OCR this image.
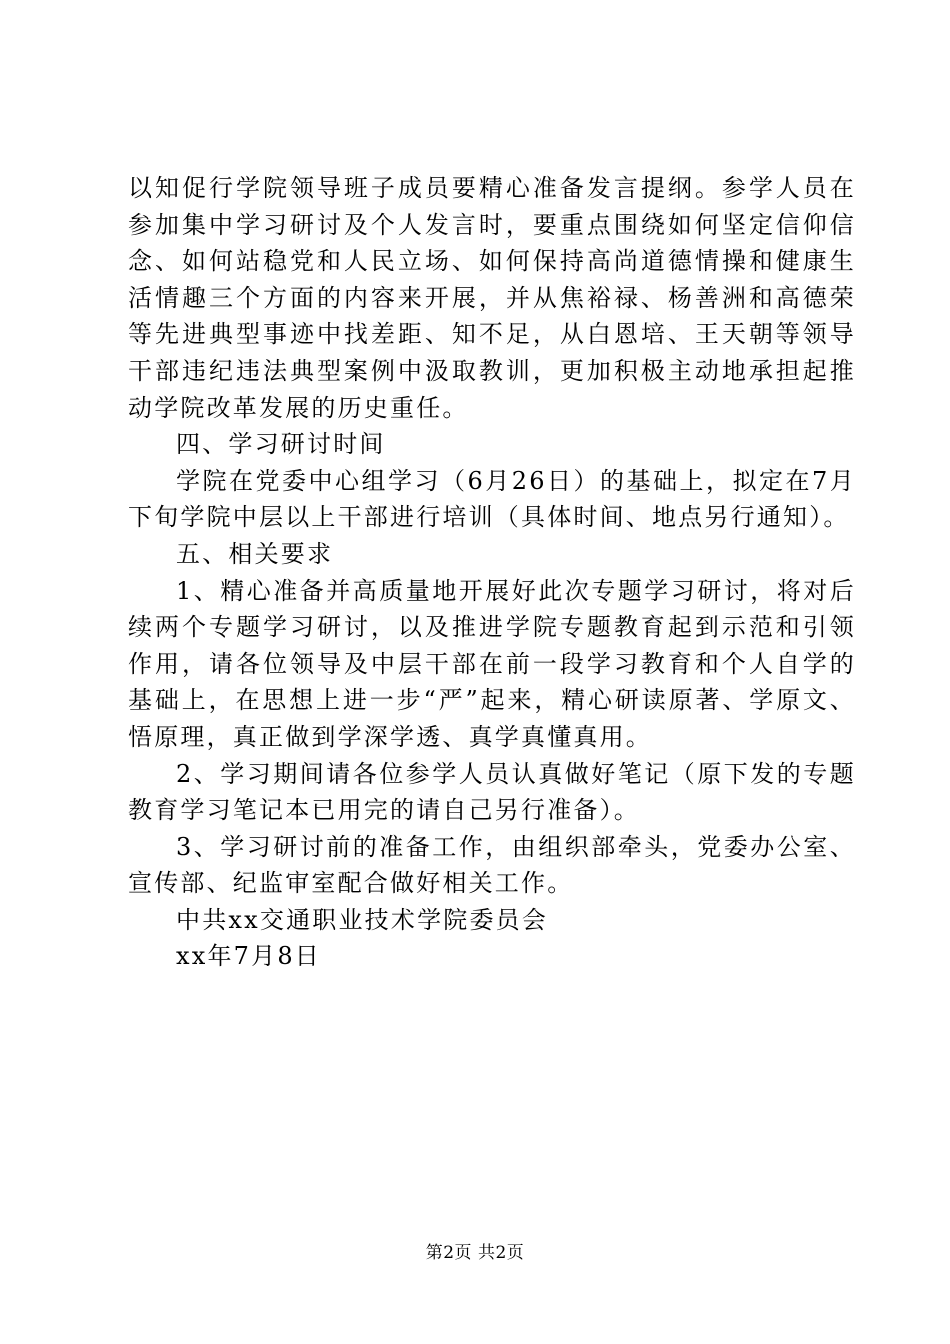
以知促行学院领导班子成员要精心准备发言提纲。参学人员在参加集中学习研讨及个人发言时，要重点围绕如何坚定信仰信念、如何站稳党和人民立场、如何保持高尚道德情操和健康生活情趣三个方面的内容来开展，并从焦裕禄、杨善洲和高德荣等先进典型事迹中找差距、知不足，从白恩培、王天朝等领导干部违纪违法典型案例中汲取教训，更加积极主动地承担起推动学院改革发展的历史重任。

四、学习研讨时间

学院在党委中心组学习（6月26日）的基础上，拟定在7月下旬学院中层以上干部进行培训（具体时间、地点另行通知）。

五、相关要求

1、精心准备并高质量地开展好此次专题学习研讨，将对后续两个专题学习研讨，以及推进学院专题教育起到示范和引领作用，请各位领导及中层干部在前一段学习教育和个人自学的基础上，在思想上进一步“严”起来，精心研读原著、学原文、悟原理，真正做到学深学透、真学真懂真用。

2、学习期间请各位参学人员认真做好笔记（原下发的专题教育学习笔记本已用完的请自己另行准备）。

3、学习研讨前的准备工作，由组织部牵头，党委办公室、宣传部、纪监审室配合做好相关工作。

中共xx交通职业技术学院委员会

xx年7月8日

第2页 共2页
